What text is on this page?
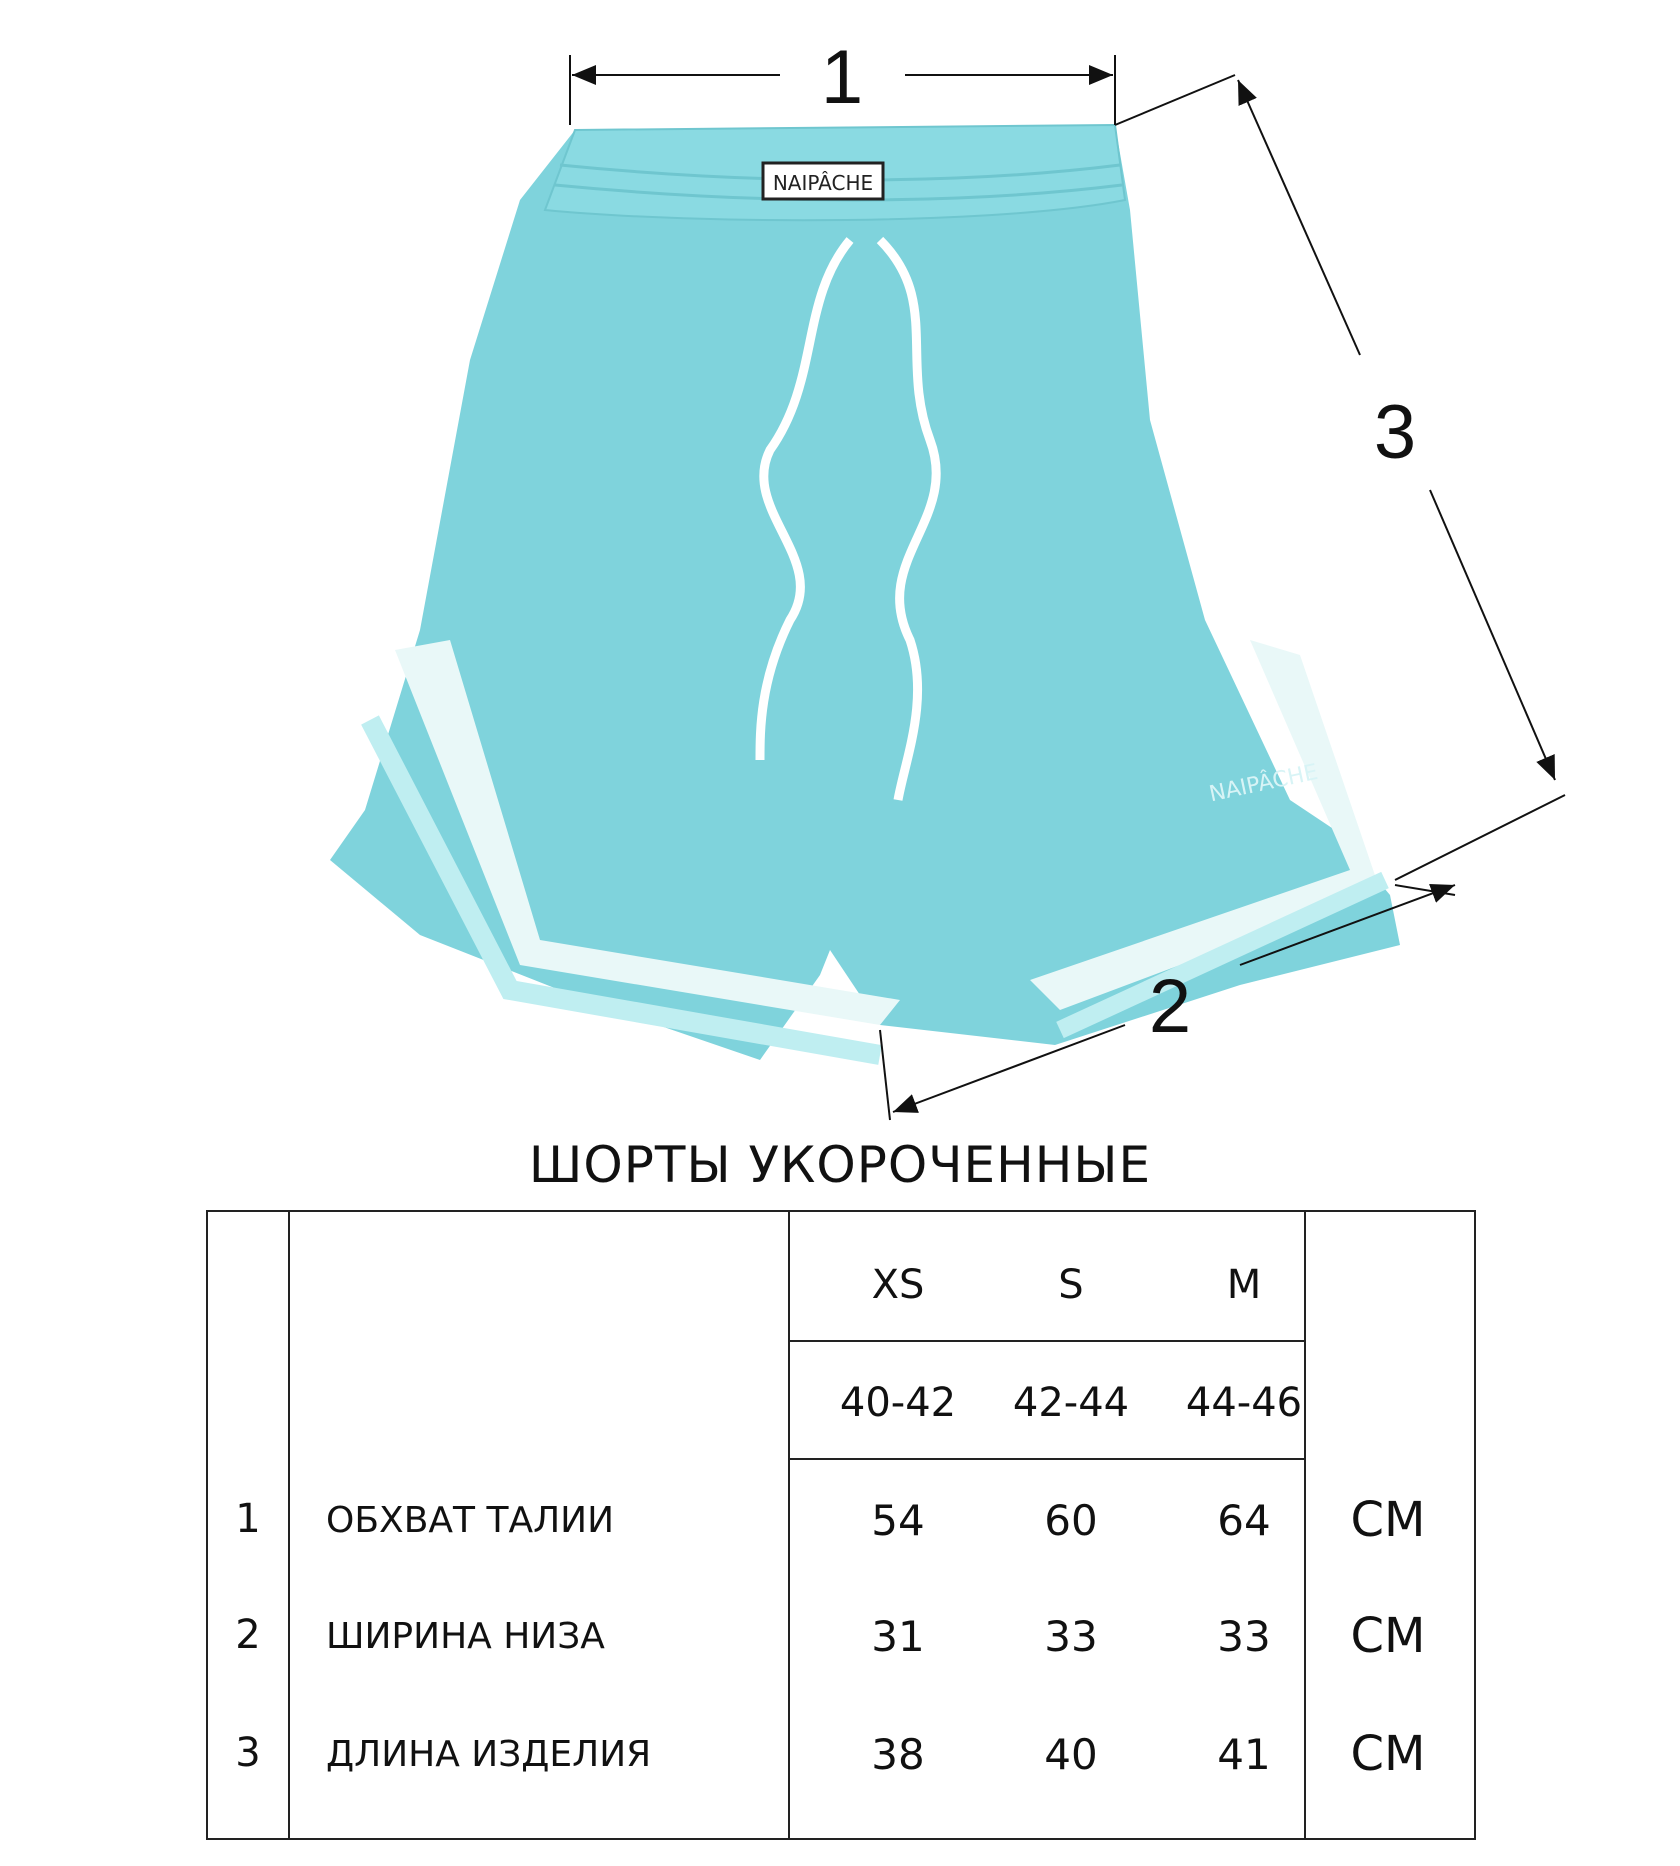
NAIPÂCHE
NAIPÂCHE
1
3
2
ШОРТЫ УКОРОЧЕННЫЕ
XS	S	M
40-42	42-44	44-46
1	ОБХВАТ ТАЛИИ	54	60	64	СМ
2	ШИРИНА НИЗА	31	33	33	СМ
3	ДЛИНА ИЗДЕЛИЯ	38	40	41	СМ
